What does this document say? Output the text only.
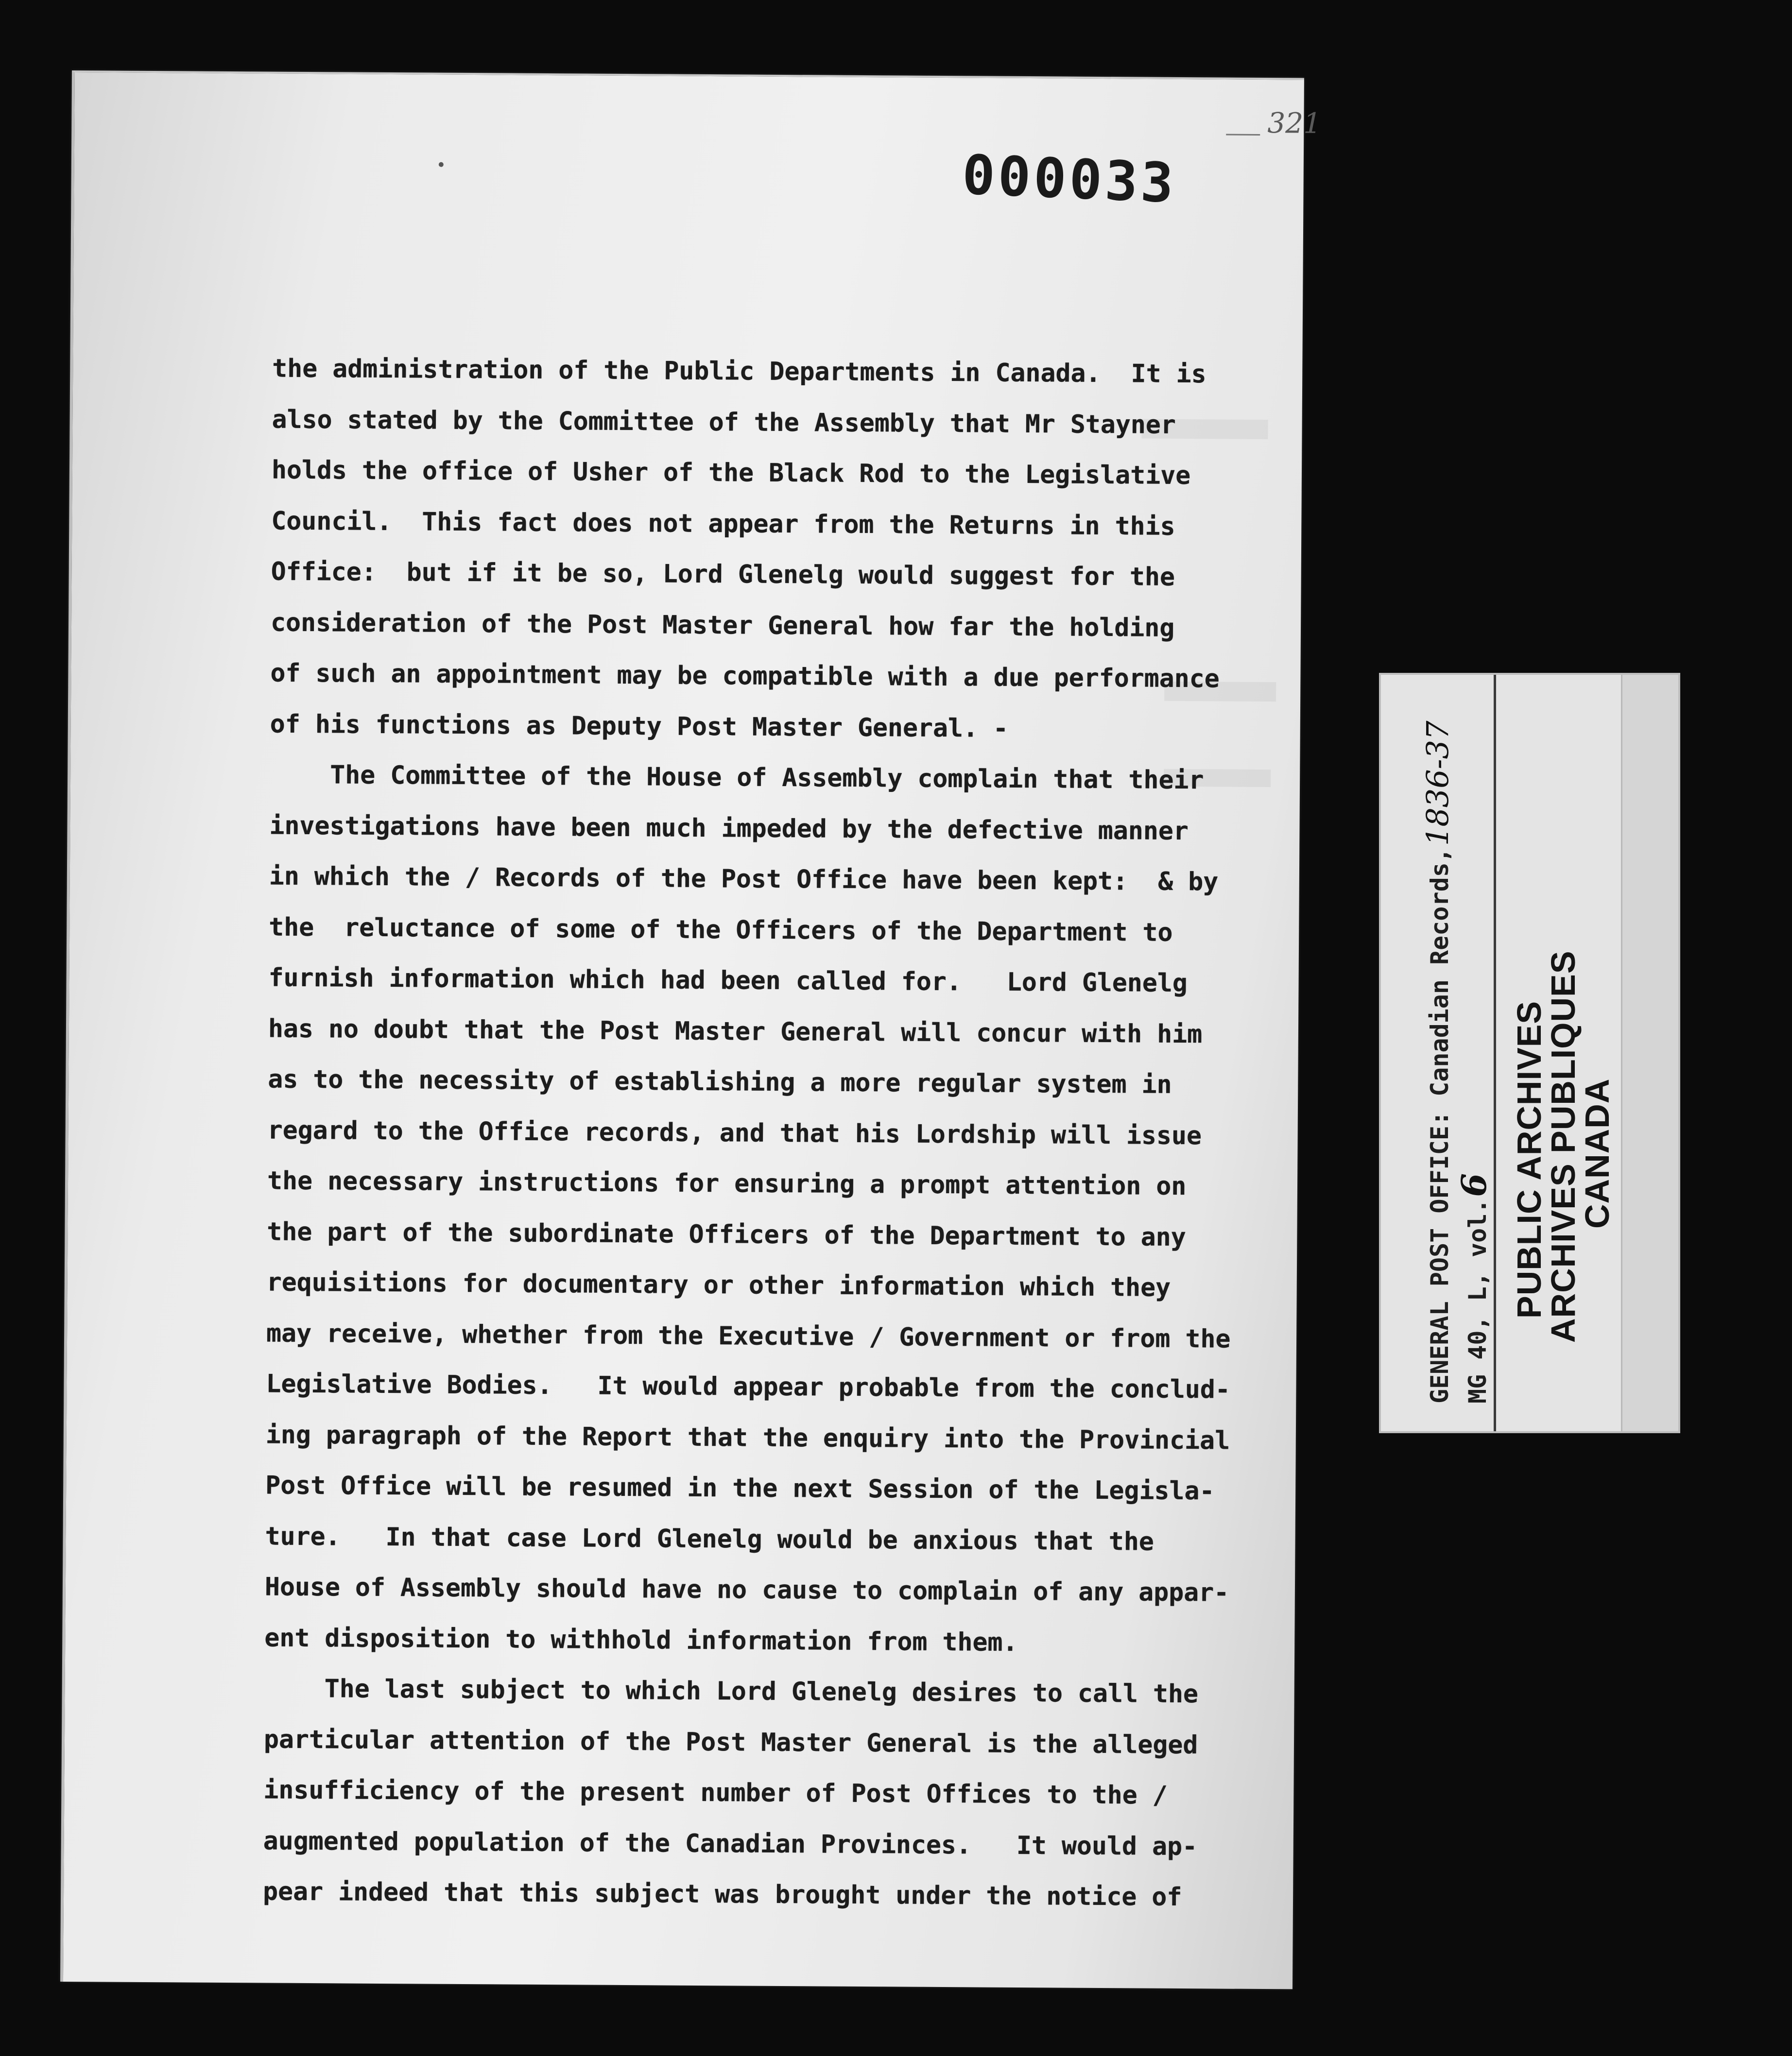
321
000033
the administration of the Public Departments in Canada.  It is
also stated by the Committee of the Assembly that Mr Stayner
holds the office of Usher of the Black Rod to the Legislative
Council.  This fact does not appear from the Returns in this
Office:  but if it be so, Lord Glenelg would suggest for the
consideration of the Post Master General how far the holding
of such an appointment may be compatible with a due performance
of his functions as Deputy Post Master General. -
The Committee of the House of Assembly complain that their
investigations have been much impeded by the defective manner
in which the / Records of the Post Office have been kept:  & by
the  reluctance of some of the Officers of the Department to
furnish information which had been called for.   Lord Glenelg
has no doubt that the Post Master General will concur with him
as to the necessity of establishing a more regular system in
regard to the Office records, and that his Lordship will issue
the necessary instructions for ensuring a prompt attention on
the part of the subordinate Officers of the Department to any
requisitions for documentary or other information which they
may receive, whether from the Executive / Government or from the
Legislative Bodies.   It would appear probable from the conclud-
ing paragraph of the Report that the enquiry into the Provincial
Post Office will be resumed in the next Session of the Legisla-
ture.   In that case Lord Glenelg would be anxious that the
House of Assembly should have no cause to complain of any appar-
ent disposition to withhold information from them.
The last subject to which Lord Glenelg desires to call the
particular attention of the Post Master General is the alleged
insufficiency of the present number of Post Offices to the /
augmented population of the Canadian Provinces.   It would ap-
pear indeed that this subject was brought under the notice of
GENERAL POST OFFICE: Canadian Records, 1836-37
MG 40, L, vol. 6 PUBLIC ARCHIVES
ARCHIVES PUBLIQUES
CANADA
